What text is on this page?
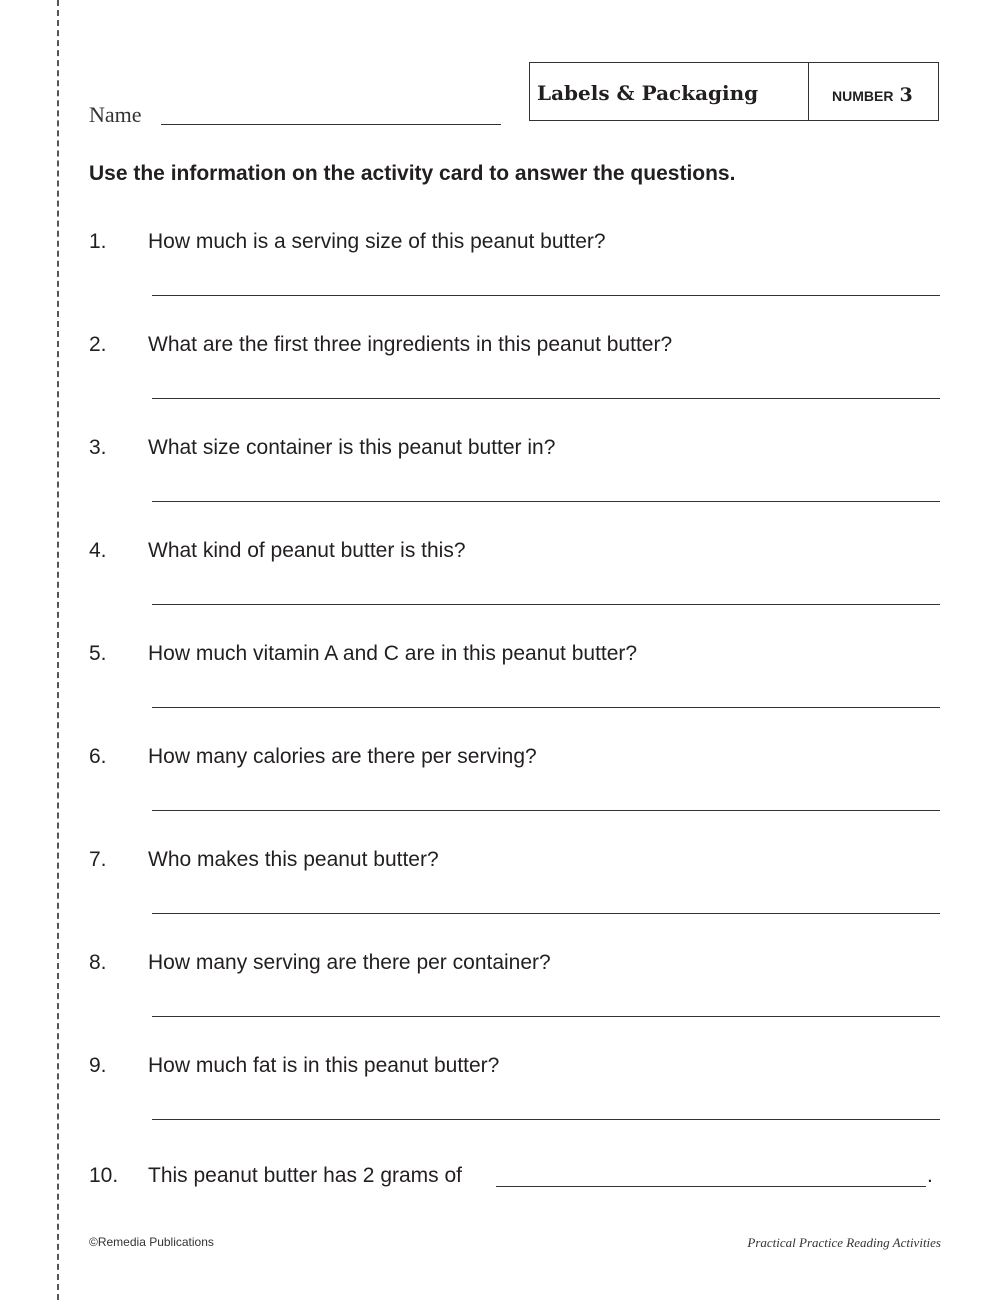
Name
Labels & Packaging	NUMBER 3
Use the information on the activity card to answer the questions.
1. How much is a serving size of this peanut butter?
2. What are the first three ingredients in this peanut butter?
3. What size container is this peanut butter in?
4. What kind of peanut butter is this?
5. How much vitamin A and C are in this peanut butter?
6. How many calories are there per serving?
7. Who makes this peanut butter?
8. How many serving are there per container?
9. How much fat is in this peanut butter?
10. This peanut butter has 2 grams of	.
©Remedia Publications	Practical Practice Reading Activities
